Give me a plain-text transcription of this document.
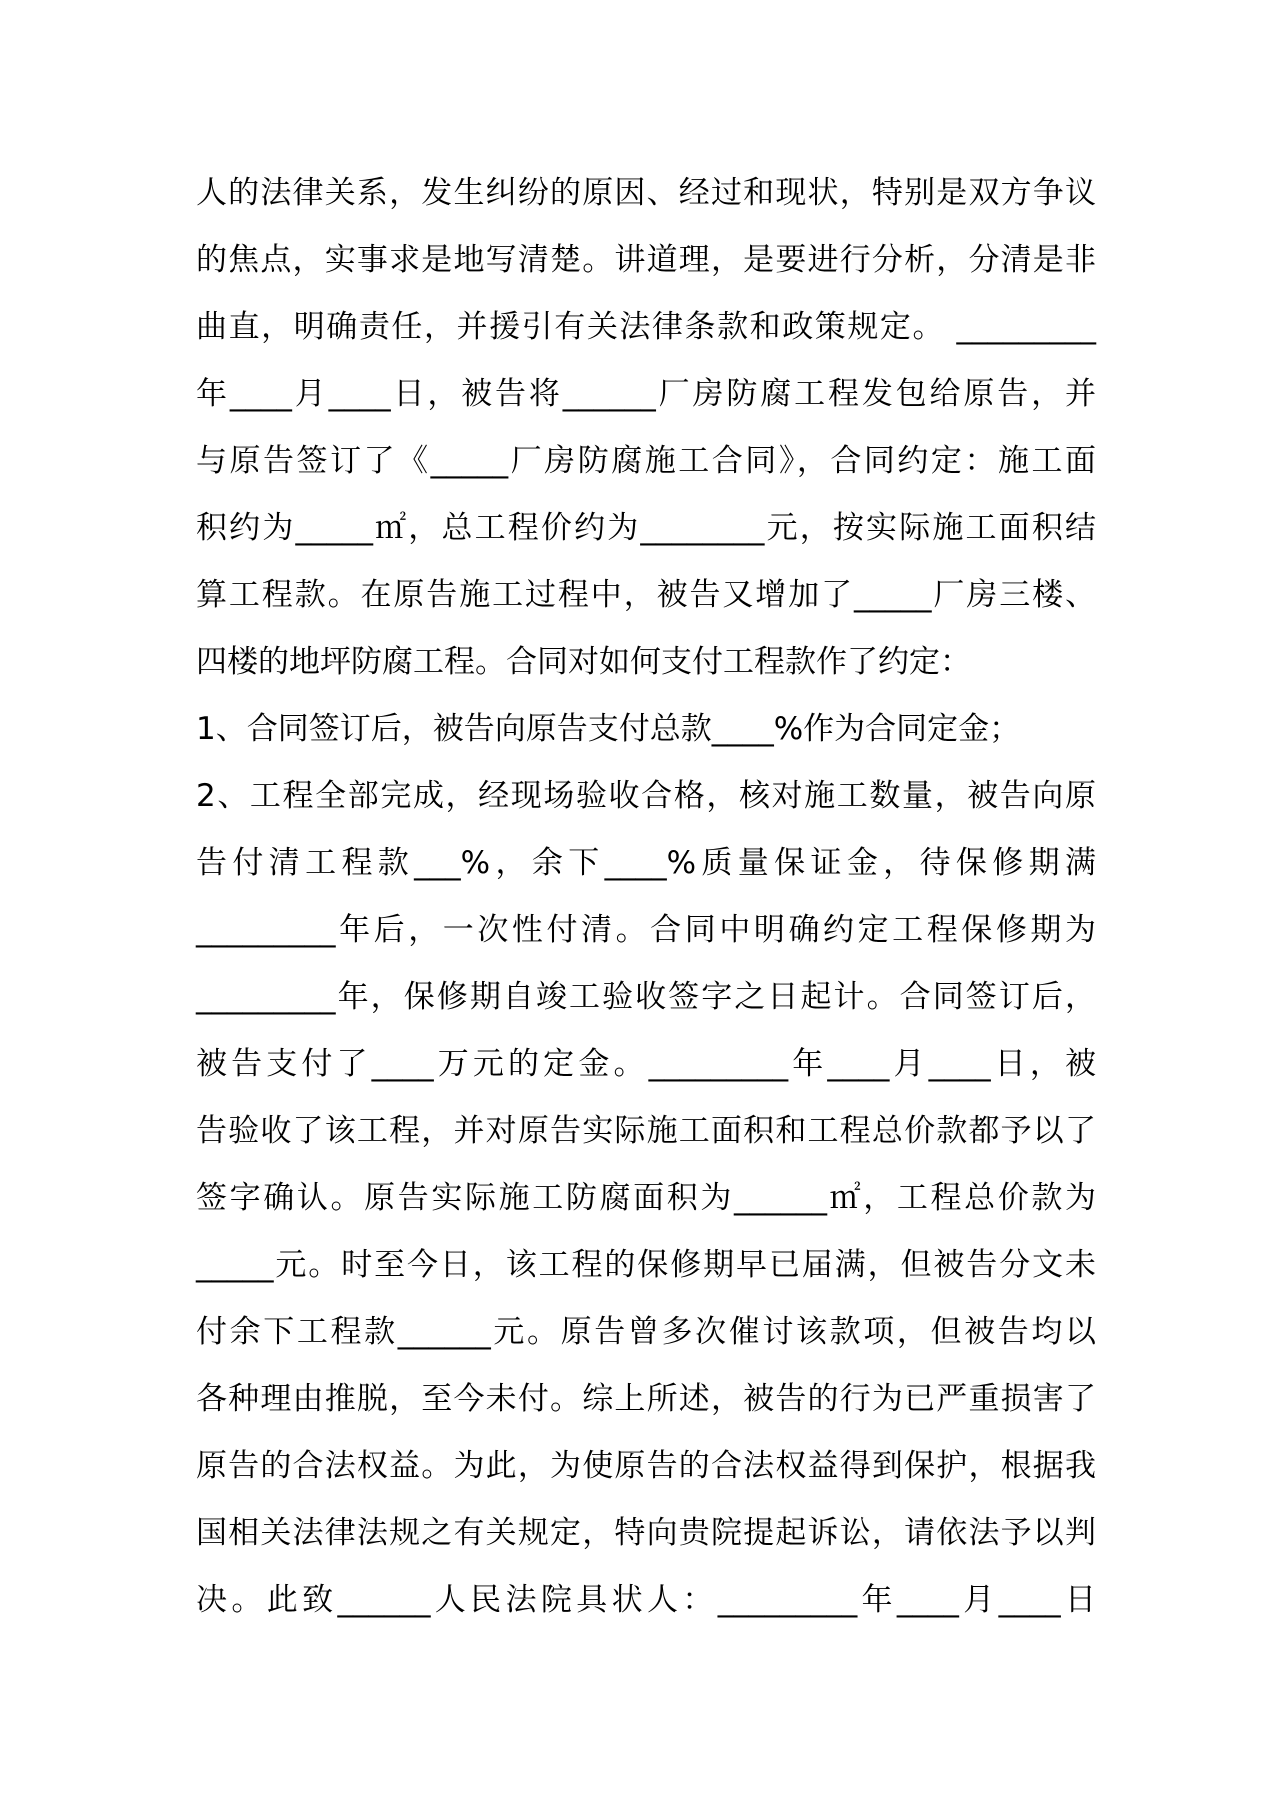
人的法律关系，发生纠纷的原因、经过和现状，特别是双方争议
的焦点，实事求是地写清楚。讲道理，是要进行分析，分清是非
曲直，明确责任，并援引有关法律条款和政策规定。 _________
年____月____日，被告将______厂房防腐工程发包给原告，并
与原告签订了《_____厂房防腐施工合同》，合同约定：施工面
积约为_____㎡，总工程价约为________元，按实际施工面积结
算工程款。在原告施工过程中，被告又增加了_____厂房三楼、
四楼的地坪防腐工程。合同对如何支付工程款作了约定：
1、合同签订后，被告向原告支付总款____%作为合同定金；
2、工程全部完成，经现场验收合格，核对施工数量，被告向原
告付清工程款___%，余下____%质量保证金，待保修期满
_________年后，一次性付清。合同中明确约定工程保修期为
_________年，保修期自竣工验收签字之日起计。合同签订后，
被告支付了____万元的定金。_________年____月____日，被
告验收了该工程，并对原告实际施工面积和工程总价款都予以了
签字确认。原告实际施工防腐面积为______㎡，工程总价款为
_____元。时至今日，该工程的保修期早已届满，但被告分文未
付余下工程款______元。原告曾多次催讨该款项，但被告均以
各种理由推脱，至今未付。综上所述，被告的行为已严重损害了
原告的合法权益。为此，为使原告的合法权益得到保护，根据我
国相关法律法规之有关规定，特向贵院提起诉讼，请依法予以判
决。此致______人民法院具状人：_________年____月____日
